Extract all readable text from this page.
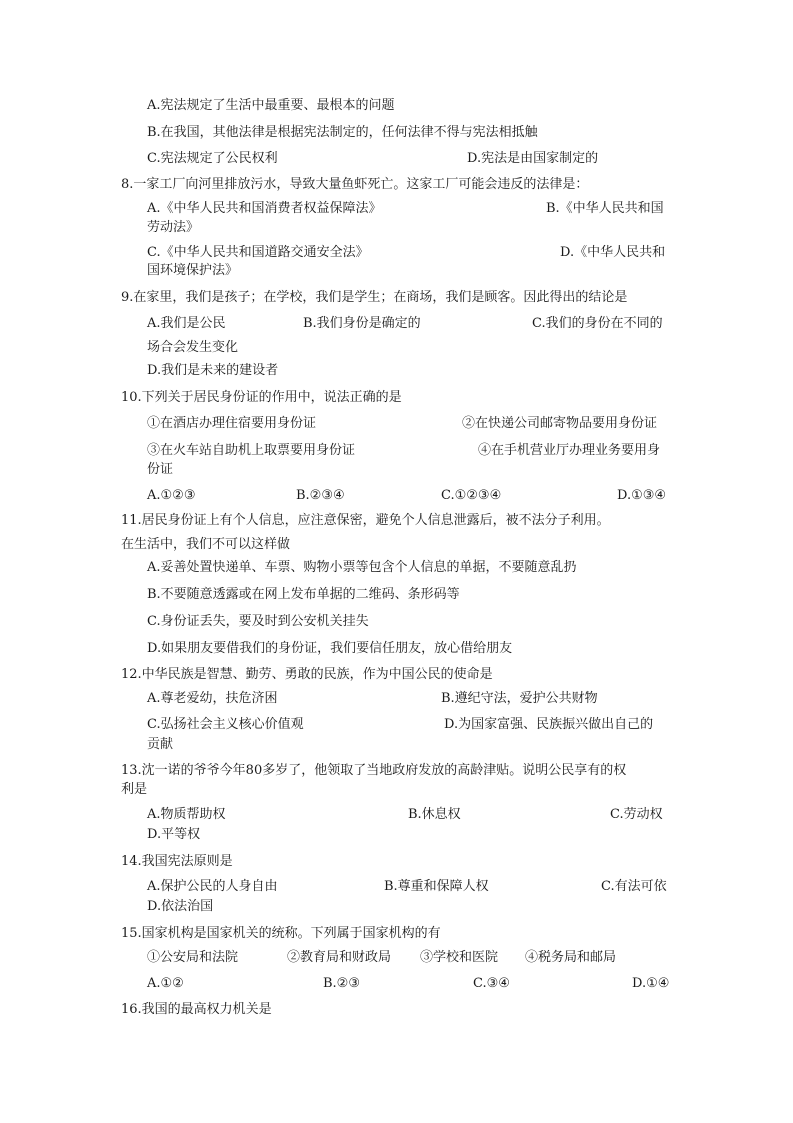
A.宪法规定了生活中最重要、最根本的问题
B.在我国，其他法律是根据宪法制定的，任何法律不得与宪法相抵触
C.宪法规定了公民权利	D.宪法是由国家制定的
8.一家工厂向河里排放污水，导致大量鱼虾死亡。这家工厂可能会违反的法律是：
A.《中华人民共和国消费者权益保障法》	B.《中华人民共和国
劳动法》
C.《中华人民共和国道路交通安全法》	D.《中华人民共和
国环境保护法》
9.在家里，我们是孩子；在学校，我们是学生；在商场，我们是顾客。因此得出的结论是
A.我们是公民	B.我们身份是确定的	C.我们的身份在不同的
场合会发生变化
D.我们是未来的建设者
10.下列关于居民身份证的作用中，说法正确的是
①在酒店办理住宿要用身份证	②在快递公司邮寄物品要用身份证
③在火车站自助机上取票要用身份证	④在手机营业厅办理业务要用身
份证
A.①②③	B.②③④	C.①②③④	D.①③④
11.居民身份证上有个人信息，应注意保密，避免个人信息泄露后，被不法分子利用。
在生活中，我们不可以这样做
A.妥善处置快递单、车票、购物小票等包含个人信息的单据，不要随意乱扔
B.不要随意透露或在网上发布单据的二维码、条形码等
C.身份证丢失，要及时到公安机关挂失
D.如果朋友要借我们的身份证，我们要信任朋友，放心借给朋友
12.中华民族是智慧、勤劳、勇敢的民族，作为中国公民的使命是
A.尊老爱幼，扶危济困	B.遵纪守法，爱护公共财物
C.弘扬社会主义核心价值观	D.为国家富强、民族振兴做出自己的
贡献
13.沈一诺的爷爷今年80多岁了，他领取了当地政府发放的高龄津贴。说明公民享有的权
利是
A.物质帮助权	B.休息权	C.劳动权
D.平等权
14.我国宪法原则是
A.保护公民的人身自由	B.尊重和保障人权	C.有法可依
D.依法治国
15.国家机构是国家机关的统称。下列属于国家机构的有
①公安局和法院	②教育局和财政局 ③学校和医院 ④税务局和邮局
A.①②	B.②③	C.③④	D.①④
16.我国的最高权力机关是
